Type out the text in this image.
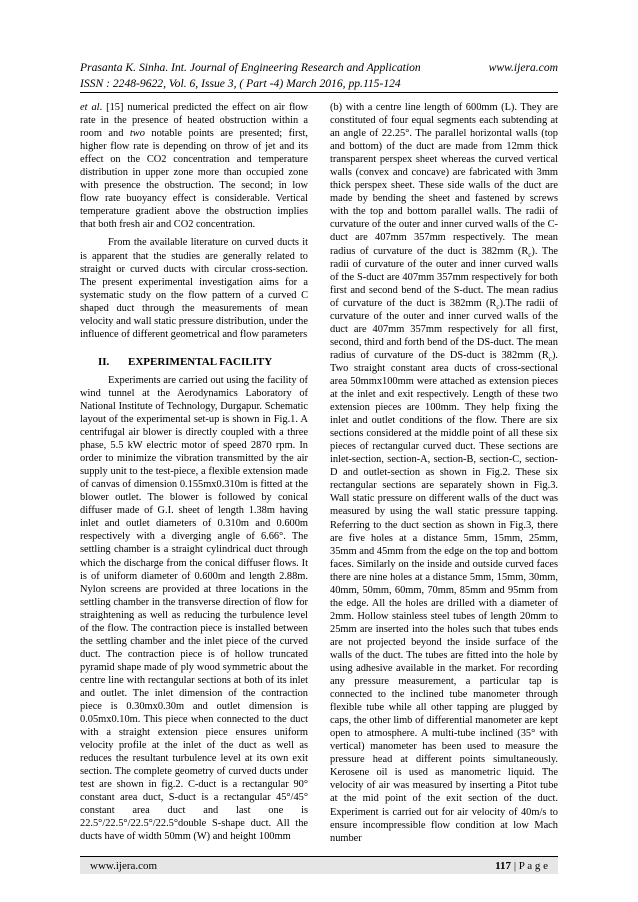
Prasanta K. Sinha. Int. Journal of Engineering Research and Application	www.ijera.com
ISSN : 2248-9622, Vol. 6, Issue 3, ( Part -4) March 2016, pp.115-124

et al. [15] numerical predicted the effect on air flow rate in the presence of heated obstruction within a room and two notable points are presented; first, higher flow rate is depending on throw of jet and its effect on the CO2 concentration and temperature distribution in upper zone more than occupied zone with presence the obstruction. The second; in low flow rate buoyancy effect is considerable. Vertical temperature gradient above the obstruction implies that both fresh air and CO2 concentration.

From the available literature on curved ducts it is apparent that the studies are generally related to straight or curved ducts with circular cross-section. The present experimental investigation aims for a systematic study on the flow pattern of a curved C shaped duct through the measurements of mean velocity and wall static pressure distribution, under the influence of different geometrical and flow parameters

II. EXPERIMENTAL FACILITY

Experiments are carried out using the facility of wind tunnel at the Aerodynamics Laboratory of National Institute of Technology, Durgapur. Schematic layout of the experimental set-up is shown in Fig.1. A centrifugal air blower is directly coupled with a three phase, 5.5 kW electric motor of speed 2870 rpm. In order to minimize the vibration transmitted by the air supply unit to the test-piece, a flexible extension made of canvas of dimension 0.155mx0.310m is fitted at the blower outlet. The blower is followed by conical diffuser made of G.I. sheet of length 1.38m having inlet and outlet diameters of 0.310m and 0.600m respectively with a diverging angle of 6.66°. The settling chamber is a straight cylindrical duct through which the discharge from the conical diffuser flows. It is of uniform diameter of 0.600m and length 2.88m. Nylon screens are provided at three locations in the settling chamber in the transverse direction of flow for straightening as well as reducing the turbulence level of the flow. The contraction piece is installed between the settling chamber and the inlet piece of the curved duct. The contraction piece is of hollow truncated pyramid shape made of ply wood symmetric about the centre line with rectangular sections at both of its inlet and outlet. The inlet dimension of the contraction piece is 0.30mx0.30m and outlet dimension is 0.05mx0.10m. This piece when connected to the duct with a straight extension piece ensures uniform velocity profile at the inlet of the duct as well as reduces the resultant turbulence level at its own exit section. The complete geometry of curved ducts under test are shown in fig.2. C-duct is a rectangular 90° constant area duct, S-duct is a rectangular 45°/45° constant area duct and last one is 22.5°/22.5°/22.5°/22.5°double S-shape duct. All the ducts have of width 50mm (W) and height 100mm

(b) with a centre line length of 600mm (L). They are constituted of four equal segments each subtending at an angle of 22.25°. The parallel horizontal walls (top and bottom) of the duct are made from 12mm thick transparent perspex sheet whereas the curved vertical walls (convex and concave) are fabricated with 3mm thick perspex sheet. These side walls of the duct are made by bending the sheet and fastened by screws with the top and bottom parallel walls. The radii of curvature of the outer and inner curved walls of the C-duct are 407mm 357mm respectively. The mean radius of curvature of the duct is 382mm $(R_c)$. The radii of curvature of the outer and inner curved walls of the S-duct are 407mm 357mm respectively for both first and second bend of the S-duct. The mean radius of curvature of the duct is 382mm $(R_c).The$ radii of curvature of the outer and inner curved walls of the duct are 407mm 357mm respectively for all first, second, third and forth bend of the DS-duct. The mean radius of curvature of the DS-duct is 382mm $(R_c)$. Two straight constant area ducts of cross-sectional area 50mmx100mm were attached as extension pieces at the inlet and exit respectively. Length of these two extension pieces are 100mm. They help fixing the inlet and outlet conditions of the flow. There are six sections considered at the middle point of all these six pieces of rectangular curved duct. These sections are inlet-section, section-A, section-B, section-C, section-D and outlet-section as shown in Fig.2. These six rectangular sections are separately shown in Fig.3. Wall static pressure on different walls of the duct was measured by using the wall static pressure tapping. Referring to the duct section as shown in Fig.3, there are five holes at a distance 5mm, 15mm, 25mm, 35mm and 45mm from the edge on the top and bottom faces. Similarly on the inside and outside curved faces there are nine holes at a distance 5mm, 15mm, 30mm, 40mm, 50mm, 60mm, 70mm, 85mm and 95mm from the edge. All the holes are drilled with a diameter of 2mm. Hollow stainless steel tubes of length 20mm to 25mm are inserted into the holes such that tubes ends are not projected beyond the inside surface of the walls of the duct. The tubes are fitted into the hole by using adhesive available in the market. For recording any pressure measurement, a particular tap is connected to the inclined tube manometer through flexible tube while all other tapping are plugged by caps, the other limb of differential manometer are kept open to atmosphere. A multi-tube inclined (35° with vertical) manometer has been used to measure the pressure head at different points simultaneously. Kerosene oil is used as manometric liquid. The velocity of air was measured by inserting a Pitot tube at the mid point of the exit section of the duct. Experiment is carried out for air velocity of 40m/s to ensure incompressible flow condition at low Mach number

www.ijera.com	117 | P a g e
